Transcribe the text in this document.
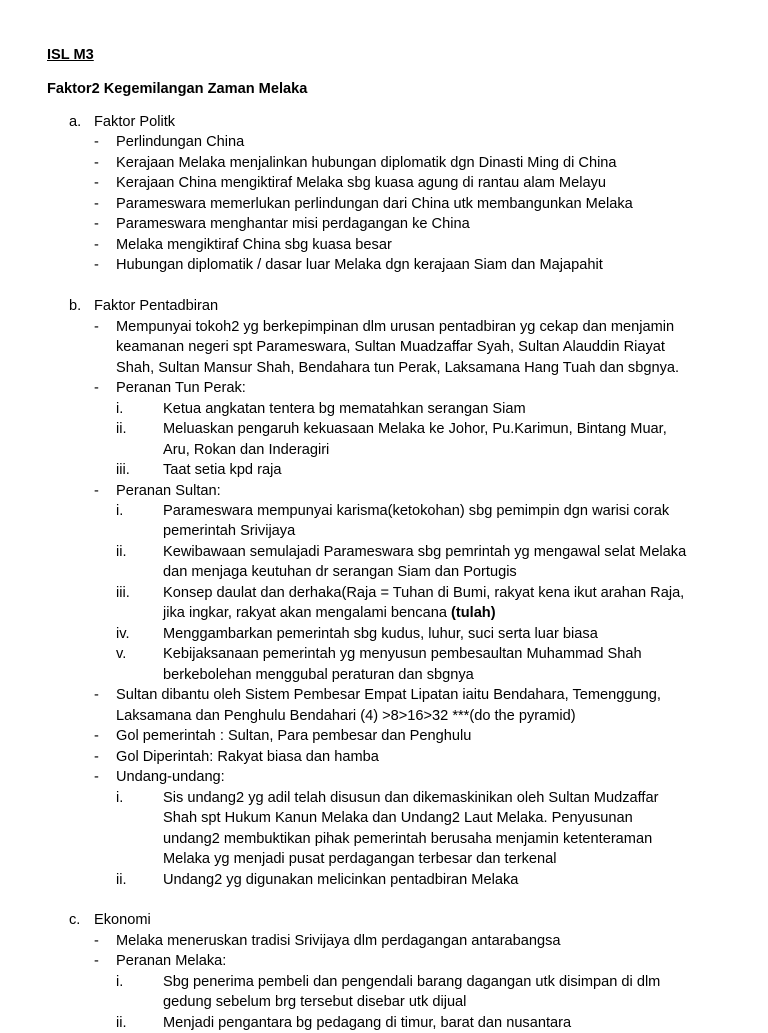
ISL M3
Faktor2 Kegemilangan Zaman Melaka
a. Faktor Politk
- Perlindungan China
- Kerajaan Melaka menjalinkan hubungan diplomatik dgn Dinasti Ming di China
- Kerajaan China mengiktiraf Melaka sbg kuasa agung di rantau alam Melayu
- Parameswara memerlukan perlindungan dari China utk membangunkan Melaka
- Parameswara menghantar misi perdagangan ke China
- Melaka mengiktiraf China sbg kuasa besar
- Hubungan diplomatik / dasar luar Melaka dgn kerajaan Siam dan Majapahit
b. Faktor Pentadbiran
- Mempunyai tokoh2 yg berkepimpinan dlm urusan pentadbiran yg cekap dan menjamin
keamanan negeri spt Parameswara, Sultan Muadzaffar Syah, Sultan Alauddin Riayat
Shah, Sultan Mansur Shah, Bendahara tun Perak, Laksamana Hang Tuah dan sbgnya.
- Peranan Tun Perak:
i.	Ketua angkatan tentera bg mematahkan serangan Siam
ii. Meluaskan pengaruh kekuasaan Melaka ke Johor, Pu.Karimun, Bintang Muar,
Aru, Rokan dan Inderagiri
iii. Taat setia kpd raja
- Peranan Sultan:
i.	Parameswara mempunyai karisma(ketokohan) sbg pemimpin dgn warisi corak
pemerintah Srivijaya
ii. Kewibawaan semulajadi Parameswara sbg pemrintah yg mengawal selat Melaka
dan menjaga keutuhan dr serangan Siam dan Portugis
iii. Konsep daulat dan derhaka(Raja = Tuhan di Bumi, rakyat kena ikut arahan Raja,
jika ingkar, rakyat akan mengalami bencana (tulah)
iv. Menggambarkan pemerintah sbg kudus, luhur, suci serta luar biasa
v.	Kebijaksanaan pemerintah yg menyusun pembesaultan Muhammad Shah
berkebolehan menggubal peraturan dan sbgnya
- Sultan dibantu oleh Sistem Pembesar Empat Lipatan iaitu Bendahara, Temenggung,
Laksamana dan Penghulu Bendahari (4) >8>16>32 ***(do the pyramid)
- Gol pemerintah : Sultan, Para pembesar dan Penghulu
- Gol Diperintah: Rakyat biasa dan hamba
- Undang-undang:
i.	Sis undang2 yg adil telah disusun dan dikemaskinikan oleh Sultan Mudzaffar
Shah spt Hukum Kanun Melaka dan Undang2 Laut Melaka. Penyusunan
undang2 membuktikan pihak pemerintah berusaha menjamin ketenteraman
Melaka yg menjadi pusat perdagangan terbesar dan terkenal
ii. Undang2 yg digunakan melicinkan pentadbiran Melaka
c. Ekonomi
- Melaka meneruskan tradisi Srivijaya dlm perdagangan antarabangsa
- Peranan Melaka:
i.	Sbg penerima pembeli dan pengendali barang dagangan utk disimpan di dlm
gedung sebelum brg tersebut disebar utk dijual
ii. Menjadi pengantara bg pedagang di timur, barat dan nusantara
